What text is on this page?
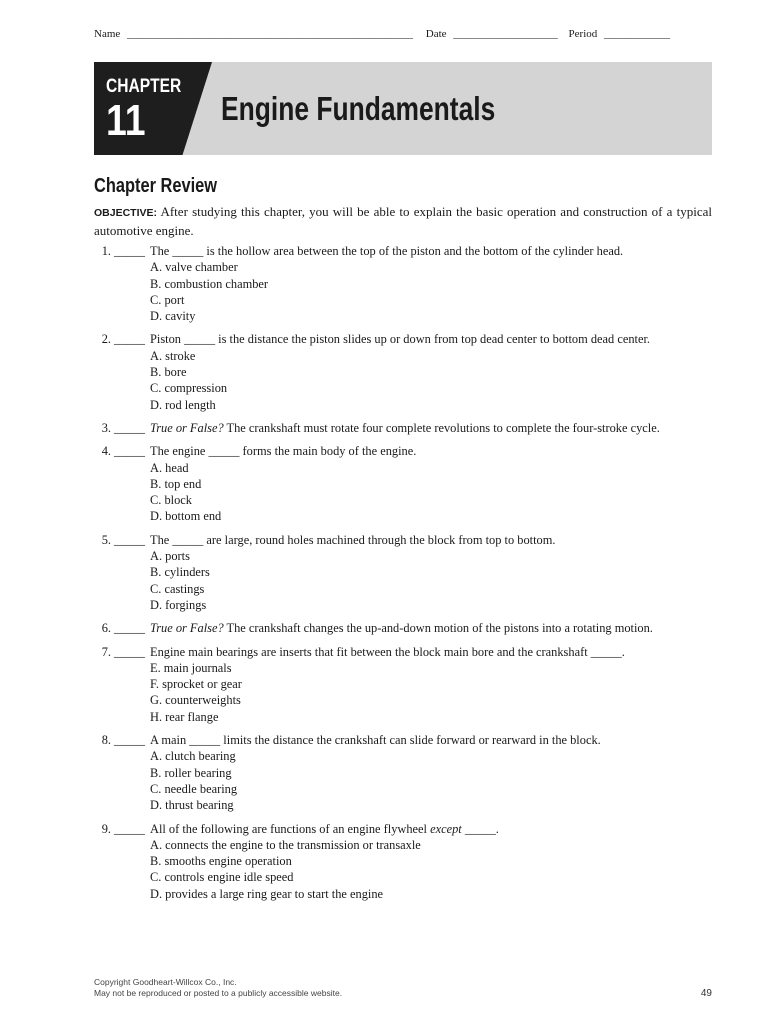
Name ____________________________________________________ Date ___________________ Period ____________
CHAPTER
11 Engine Fundamentals
Chapter Review
OBJECTIVE: After studying this chapter, you will be able to explain the basic operation and construction of a typical automotive engine.
1. _____ The _____ is the hollow area between the top of the piston and the bottom of the cylinder head.
A. valve chamber
B. combustion chamber
C. port
D. cavity
2. _____ Piston _____ is the distance the piston slides up or down from top dead center to bottom dead center.
A. stroke
B. bore
C. compression
D. rod length
3. _____ True or False? The crankshaft must rotate four complete revolutions to complete the four-stroke cycle.
4. _____ The engine _____ forms the main body of the engine.
A. head
B. top end
C. block
D. bottom end
5. _____ The _____ are large, round holes machined through the block from top to bottom.
A. ports
B. cylinders
C. castings
D. forgings
6. _____ True or False? The crankshaft changes the up-and-down motion of the pistons into a rotating motion.
7. _____ Engine main bearings are inserts that fit between the block main bore and the crankshaft _____.
E. main journals
F. sprocket or gear
G. counterweights
H. rear flange
8. _____ A main _____ limits the distance the crankshaft can slide forward or rearward in the block.
A. clutch bearing
B. roller bearing
C. needle bearing
D. thrust bearing
9. _____ All of the following are functions of an engine flywheel except _____.
A. connects the engine to the transmission or transaxle
B. smooths engine operation
C. controls engine idle speed
D. provides a large ring gear to start the engine
Copyright Goodheart-Willcox Co., Inc.
May not be reproduced or posted to a publicly accessible website.	49
